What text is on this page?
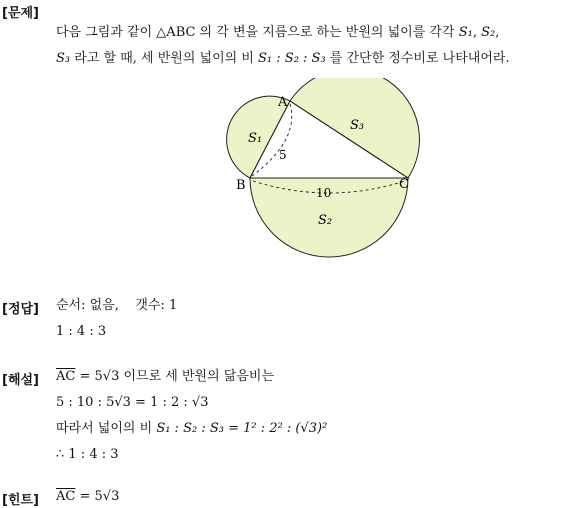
[문제]
다음 그림과 같이 △ABC 의 각 변을 지름으로 하는 반원의 넓이를 각각 S₁, S₂,
S₃ 라고 할 때, 세 반원의 넓이의 비 S₁ : S₂ : S₃ 를 간단한 정수비로 나타내어라.
A
B	C
S₁
S₃
S₂
5
10
[정답] 순서: 없음, 갯수: 1
1 : 4 : 3
[해설] $\overline{AC} = 5√3$ 이므로 세 반원의 닮음비는
5 : 10 : 5√3 = 1 : 2 : √3
따라서 넓이의 비 S₁ : S₂ : S₃ = 1² : 2² : (√3)²
∴ 1 : 4 : 3
[힌트] $\overline{AC} = 5√3$
